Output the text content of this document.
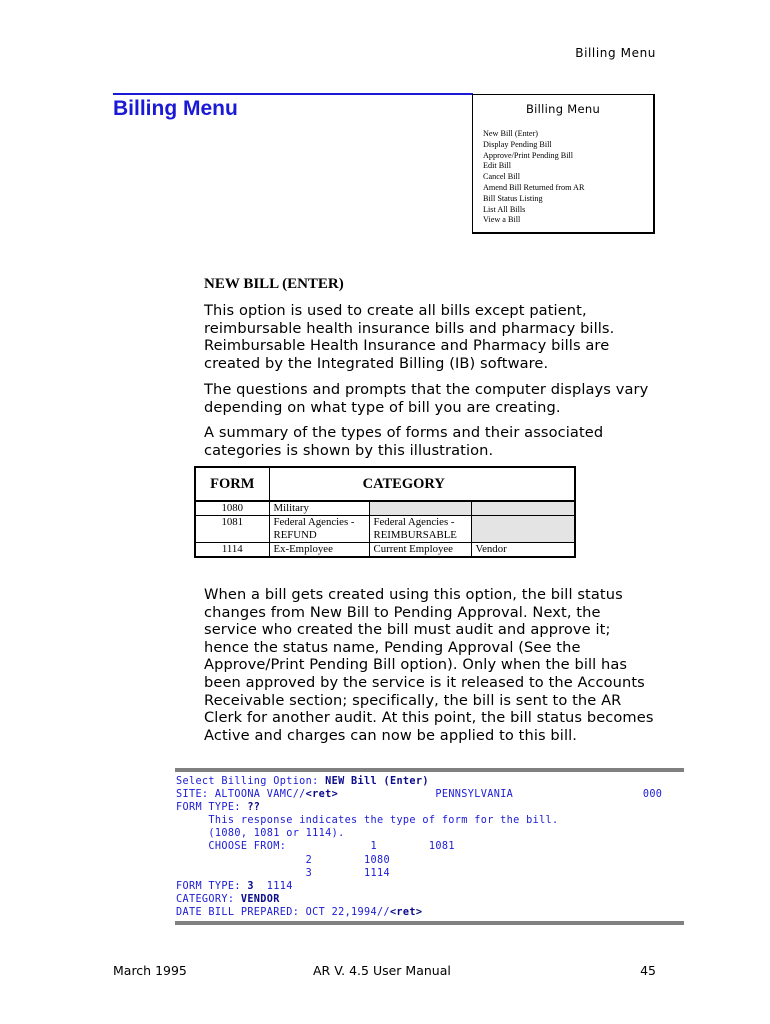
Billing Menu
Billing Menu	Billing Menu
New Bill (Enter)
Display Pending Bill
Approve/Print Pending Bill
Edit Bill
Cancel Bill
Amend Bill Returned from AR
Bill Status Listing
List All Bills
View a Bill
NEW BILL (ENTER)

This option is used to create all bills except patient, reimbursable health insurance bills and pharmacy bills. Reimbursable Health Insurance and Pharmacy bills are created by the Integrated Billing (IB) software.

The questions and prompts that the computer displays vary depending on what type of bill you are creating.

A summary of the types of forms and their associated categories is shown by this illustration.

FORM	CATEGORY		
1080	Military		
1081	Federal Agencies - REFUND	Federal Agencies - REIMBURSABLE	
1114	Ex-Employee	Current Employee	Vendor

When a bill gets created using this option, the bill status changes from New Bill to Pending Approval. Next, the service who created the bill must audit and approve it; hence the status name, Pending Approval (See the Approve/Print Pending Bill option). Only when the bill has been approved by the service is it released to the Accounts Receivable section; specifically, the bill is sent to the AR Clerk for another audit. At this point, the bill status becomes Active and charges can now be applied to this bill.

Select Billing Option: NEW Bill (Enter)
SITE: ALTOONA VAMC//<ret>	PENNSYLVANIA	000
FORM TYPE: ??
This response indicates the type of form for the bill.
(1080, 1081 or 1114).
CHOOSE FROM:	1	1081
2	1080
3	1114
FORM TYPE: 3 1114
CATEGORY: VENDOR
DATE BILL PREPARED: OCT 22,1994//<ret>
March 1995	AR V. 4.5 User Manual	45
